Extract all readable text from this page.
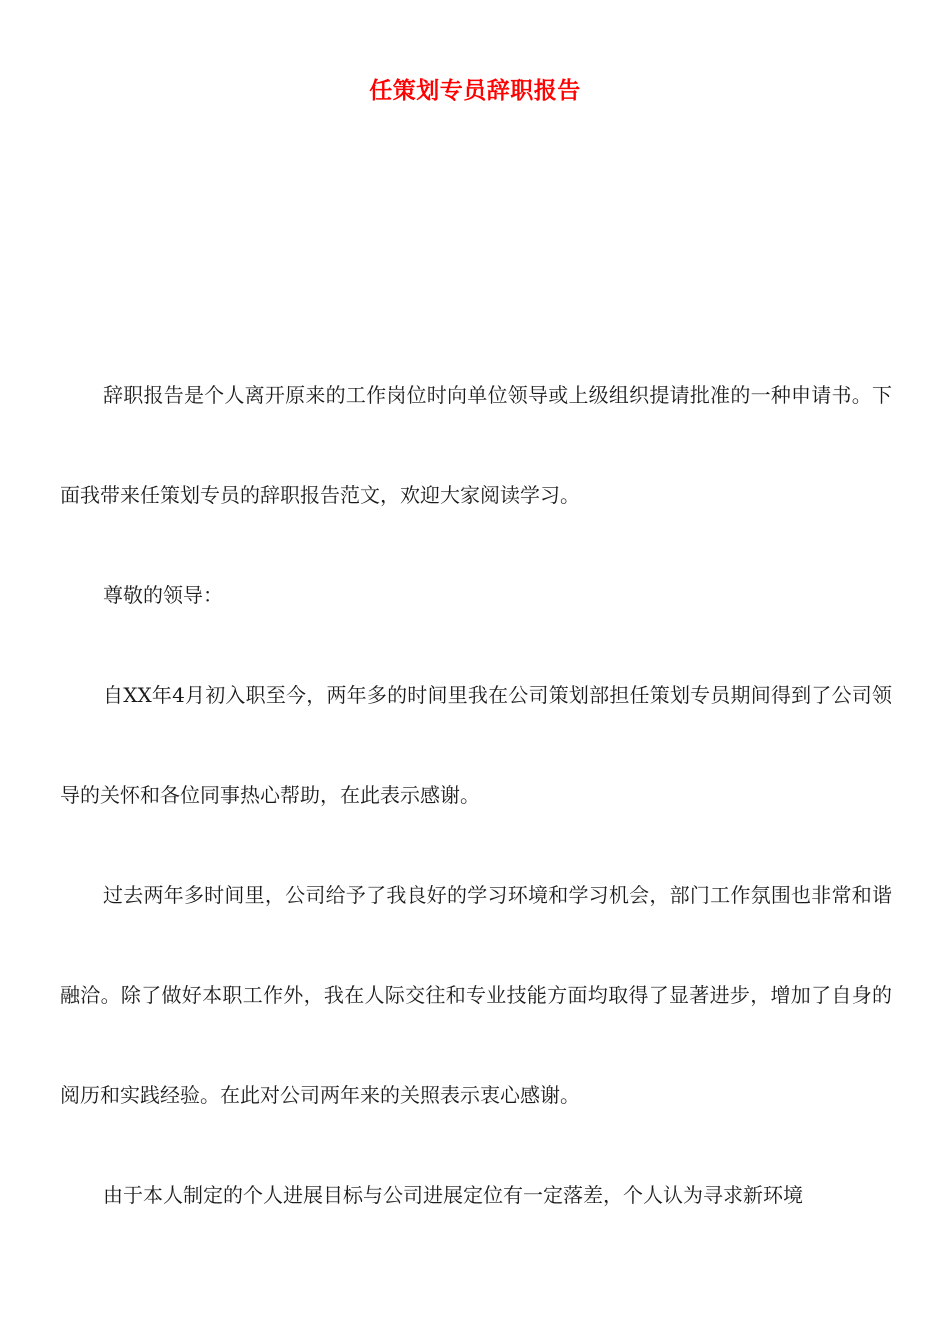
任策划专员辞职报告

辞职报告是个人离开原来的工作岗位时向单位领导或上级组织提请批准的一种申请书。下面我带来任策划专员的辞职报告范文，欢迎大家阅读学习。

尊敬的领导：

自XX年4月初入职至今，两年多的时间里我在公司策划部担任策划专员期间得到了公司领导的关怀和各位同事热心帮助，在此表示感谢。

过去两年多时间里，公司给予了我良好的学习环境和学习机会，部门工作氛围也非常和谐融洽。除了做好本职工作外，我在人际交往和专业技能方面均取得了显著进步，增加了自身的阅历和实践经验。在此对公司两年来的关照表示衷心感谢。

由于本人制定的个人进展目标与公司进展定位有一定落差，个人认为寻求新环境
